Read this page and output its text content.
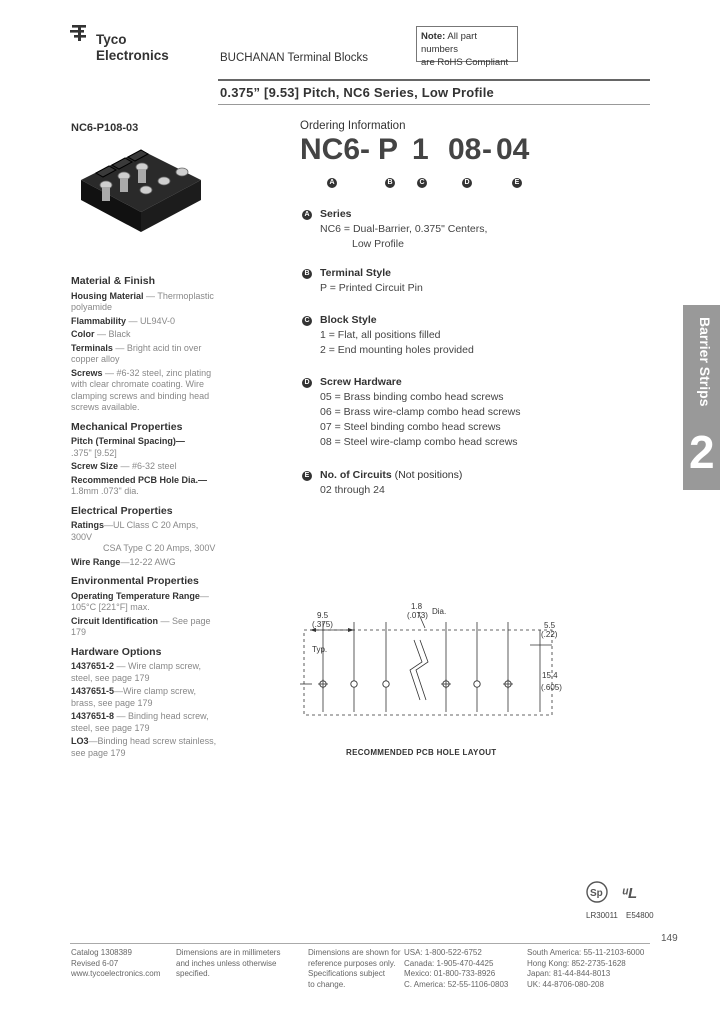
Tyco
Electronics	BUCHANAN Terminal Blocks
Note: All part numbers
are RoHS Compliant
0.375” [9.53] Pitch, NC6 Series, Low Profile
NC6-P108-03
Material & Finish
Housing Material — Thermoplastic polyamide
Flammability — UL94V-0
Color — Black
Terminals — Bright acid tin over copper alloy
Screws — #6-32 steel, zinc plating with clear chromate coating. Wire clamping screws and binding head screws available.
Mechanical Properties
Pitch (Terminal Spacing)—
.375" [9.52]
Screw Size — #6-32 steel
Recommended PCB Hole Dia.—
1.8mm .073" dia.
Electrical Properties
Ratings—UL Class C 20 Amps, 300V
CSA Type C 20 Amps, 300V
Wire Range—12-22 AWG
Environmental Properties
Operating Temperature Range— 105°C [221°F] max.
Circuit Identification — See page 179
Hardware Options
1437651-2 — Wire clamp screw, steel, see page 179
1437651-5—Wire clamp screw, brass, see page 179
1437651-8 — Binding head screw, steel, see page 179
LO3—Binding head screw stainless, see page 179
Ordering Information
NC6 - P 1 08 - 04
A	B	C	D	E
A Series
NC6 = Dual-Barrier, 0.375" Centers,
Low Profile
B Terminal Style
P = Printed Circuit Pin
C Block Style
1 = Flat, all positions filled
2 = End mounting holes provided
D Screw Hardware
05 = Brass binding combo head screws
06 = Brass wire-clamp combo head screws
07 = Steel binding combo head screws
08 = Steel wire-clamp combo head screws
E	No. of Circuits (Not positions)
02 through 24
Barrier Strips
2
9.5
(.375)
Typ.
1.8
(.073) Dia.
5.5
(.22)
15.4
(.605)
RECOMMENDED PCB HOLE LAYOUT
Sp ᵘL
LR30011 E54800
149
Catalog 1308389
Revised 6-07
www.tycoelectronics.com
Dimensions are in millimeters
and inches unless otherwise
specified.
Dimensions are shown for
reference purposes only.
Specifications subject
to change.
USA: 1-800-522-6752
Canada: 1-905-470-4425
Mexico: 01-800-733-8926
C. America: 52-55-1106-0803
South America: 55-11-2103-6000
Hong Kong: 852-2735-1628
Japan: 81-44-844-8013
UK: 44-8706-080-208
